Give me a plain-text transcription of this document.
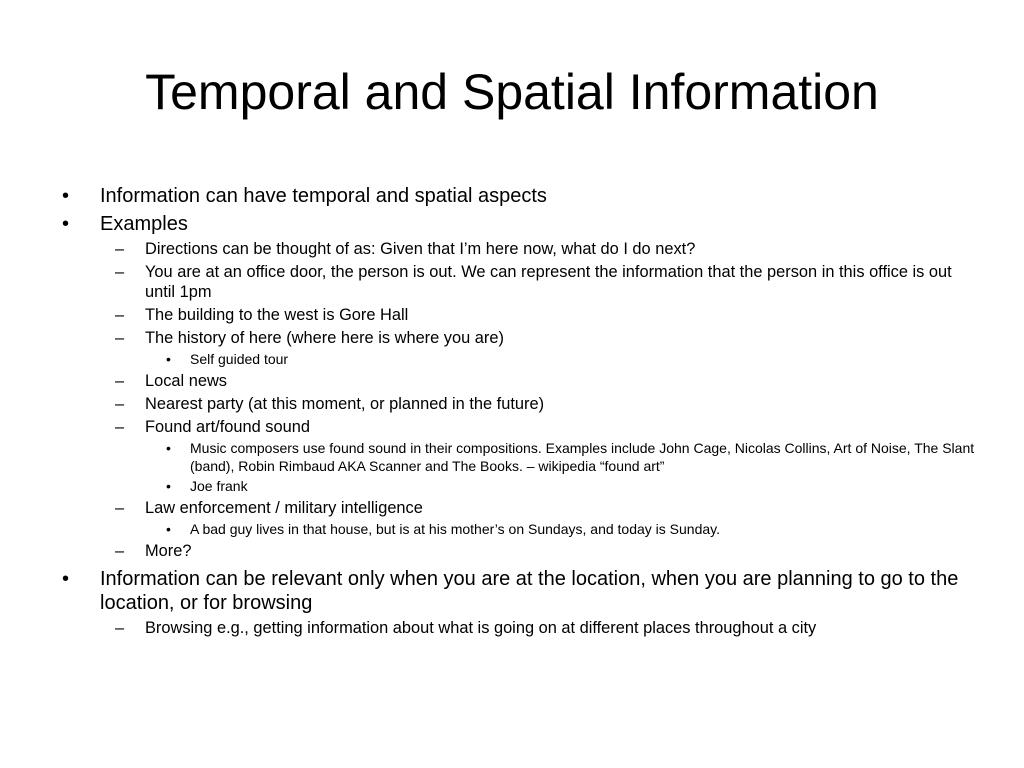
Temporal and Spatial Information
• Information can have temporal and spatial aspects
• Examples
– Directions can be thought of as: Given that I’m here now, what do I do next?
– You are at an office door, the person is out. We can represent the information that the person in this office is out until 1pm
– The building to the west is Gore Hall
– The history of here (where here is where you are)
• Self guided tour
– Local news
– Nearest party (at this moment, or planned in the future)
– Found art/found sound
• Music composers use found sound in their compositions. Examples include John Cage, Nicolas Collins, Art of Noise, The Slant (band), Robin Rimbaud AKA Scanner and The Books. – wikipedia “found art”
• Joe frank
– Law enforcement / military intelligence
• A bad guy lives in that house, but is at his mother’s on Sundays, and today is Sunday.
– More?
• Information can be relevant only when you are at the location, when you are planning to go to the location, or for browsing
– Browsing e.g., getting information about what is going on at different places throughout a city
